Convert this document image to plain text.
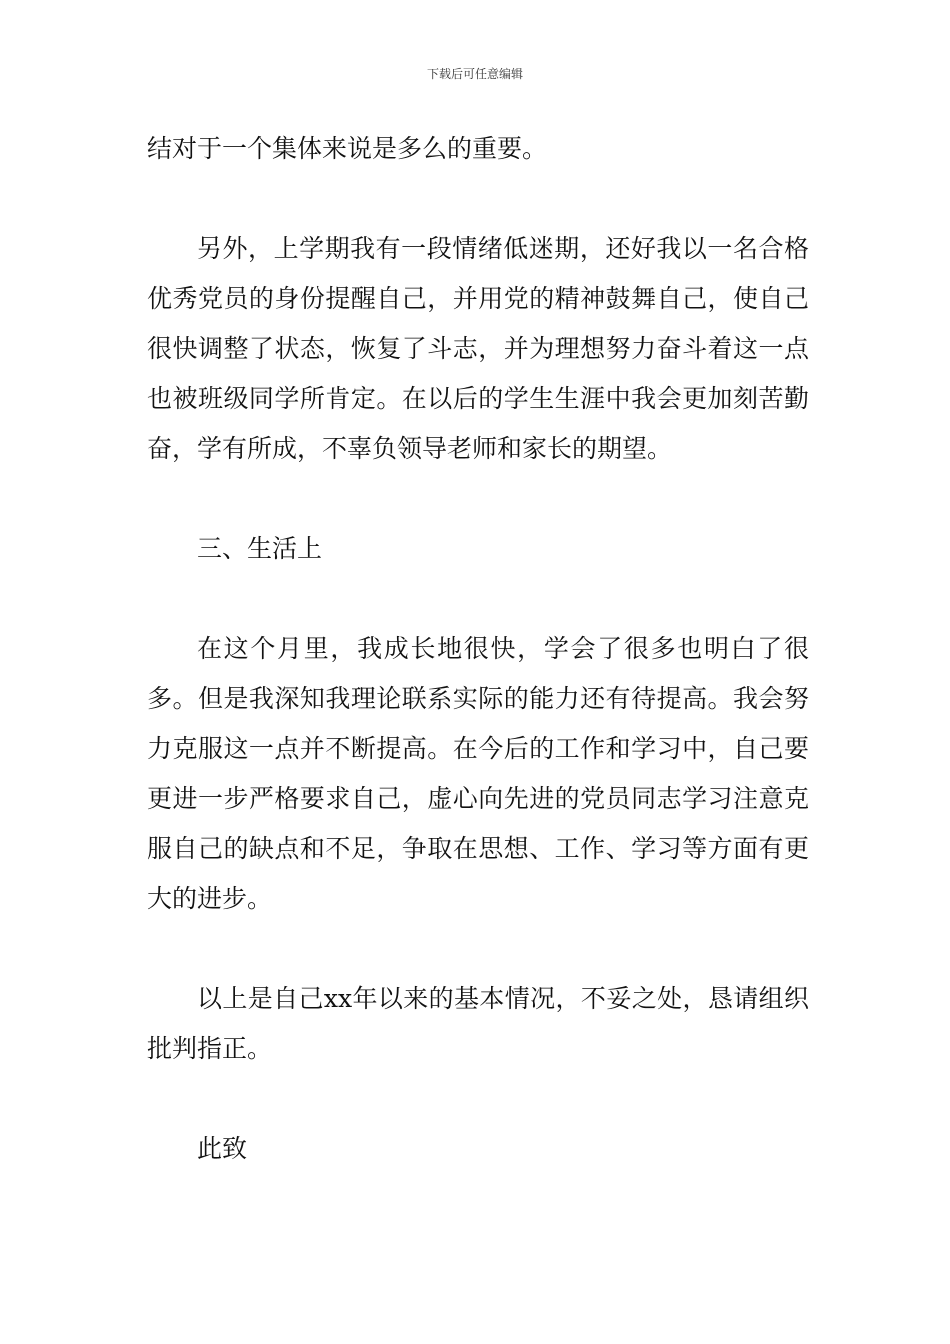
下载后可任意编辑

结对于一个集体来说是多么的重要。

另外，上学期我有一段情绪低迷期，还好我以一名合格优秀党员的身份提醒自己，并用党的精神鼓舞自己，使自己很快调整了状态，恢复了斗志，并为理想努力奋斗着这一点也被班级同学所肯定。在以后的学生生涯中我会更加刻苦勤奋，学有所成，不辜负领导老师和家长的期望。

三、生活上

在这个月里，我成长地很快，学会了很多也明白了很多。但是我深知我理论联系实际的能力还有待提高。我会努力克服这一点并不断提高。在今后的工作和学习中，自己要更进一步严格要求自己，虚心向先进的党员同志学习注意克服自己的缺点和不足，争取在思想、工作、学习等方面有更大的进步。

以上是自己xx年以来的基本情况，不妥之处，恳请组织批判指正。

此致
